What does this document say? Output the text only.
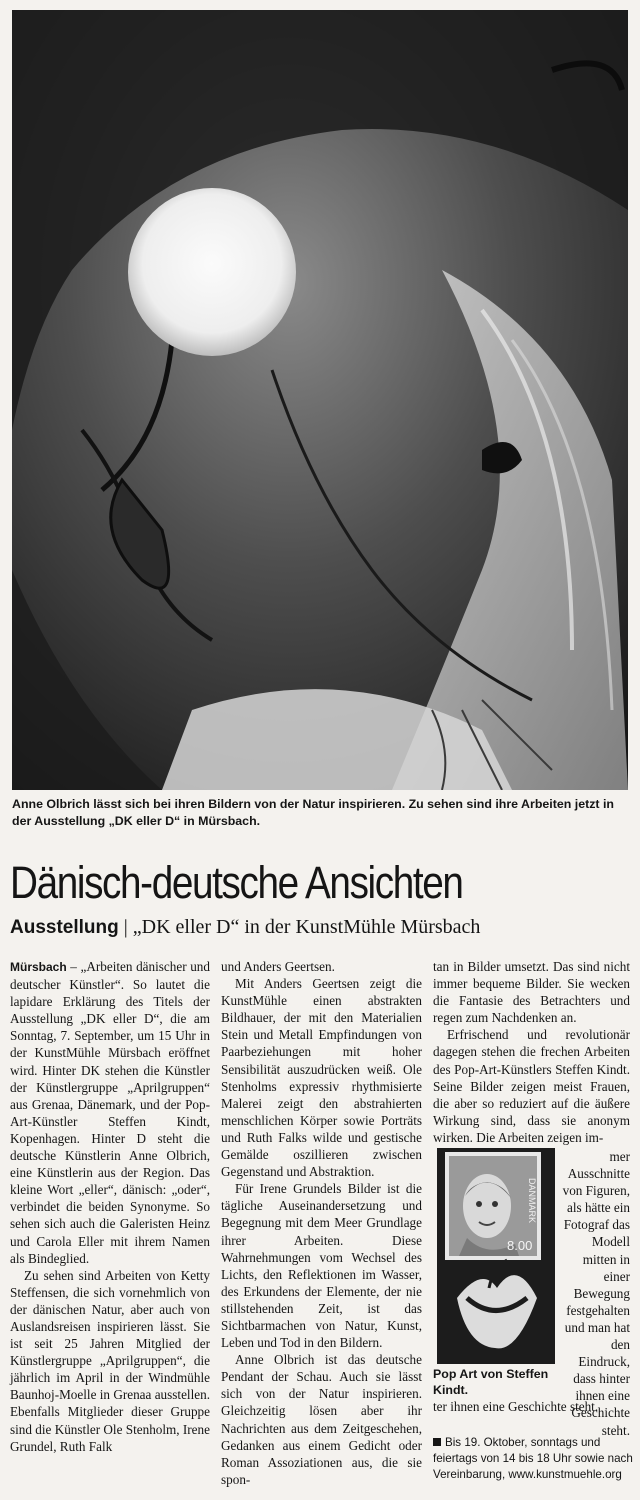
Anne Olbrich lässt sich bei ihren Bildern von der Natur inspirieren. Zu sehen sind ihre Arbeiten jetzt in der Ausstellung „DK eller D“ in Mürsbach.
Dänisch-deutsche Ansichten
Ausstellung | „DK eller D“ in der KunstMühle Mürsbach

Mürsbach – „Arbeiten dänischer und deutscher Künstler“. So lautet die lapidare Erklärung des Titels der Ausstellung „DK eller D“, die am Sonntag, 7. September, um 15 Uhr in der KunstMühle Mürsbach eröffnet wird. Hinter DK stehen die Künstler der Künstlergruppe „Aprilgruppen“ aus Grenaa, Dänemark, und der Pop-Art-Künstler Steffen Kindt, Kopenhagen. Hinter D steht die deutsche Künstlerin Anne Olbrich, eine Künstlerin aus der Region. Das kleine Wort „eller“, dänisch: „oder“, verbindet die beiden Synonyme. So sehen sich auch die Galeristen Heinz und Carola Eller mit ihrem Namen als Bindeglied.

Zu sehen sind Arbeiten von Ketty Steffensen, die sich vornehmlich von der dänischen Natur, aber auch von Auslandsreisen inspirieren lässt. Sie ist seit 25 Jahren Mitglied der Künstlergruppe „Aprilgruppen“, die jährlich im April in der Windmühle Baunhoj-Moelle in Grenaa ausstellen. Ebenfalls Mitglieder dieser Gruppe sind die Künstler Ole Stenholm, Irene Grundel, Ruth Falk

und Anders Geertsen.

Mit Anders Geertsen zeigt die KunstMühle einen abstrakten Bildhauer, der mit den Materialien Stein und Metall Empfindungen von Paarbeziehungen mit hoher Sensibilität auszudrücken weiß. Ole Stenholms expressiv rhythmisierte Malerei zeigt den abstrahierten menschlichen Körper sowie Porträts und Ruth Falks wilde und gestische Gemälde oszillieren zwischen Gegenstand und Abstraktion.

Für Irene Grundels Bilder ist die tägliche Auseinandersetzung und Begegnung mit dem Meer Grundlage ihrer Arbeiten. Diese Wahrnehmungen vom Wechsel des Lichts, den Reflektionen im Wasser, des Erkundens der Elemente, der nie stillstehenden Zeit, ist das Sichtbarmachen von Natur, Kunst, Leben und Tod in den Bildern.

Anne Olbrich ist das deutsche Pendant der Schau. Auch sie lässt sich von der Natur inspirieren. Gleichzeitig lösen aber ihr Nachrichten aus dem Zeitgeschehen, Gedanken aus einem Gedicht oder Roman Assoziationen aus, die sie spon-

tan in Bilder umsetzt. Das sind nicht immer bequeme Bilder. Sie wecken die Fantasie des Betrachters und regen zum Nachdenken an.

Erfrischend und revolutionär dagegen stehen die frechen Arbeiten des Pop-Art-Künstlers Steffen Kindt. Seine Bilder zeigen meist Frauen, die aber so reduziert auf die äußere Wirkung sind, dass sie anonym wirken. Die Arbeiten zeigen im-

DANMARK
8.00
mer Ausschnitte von Figuren, als hätte ein Fotograf das Modell mitten in einer Bewegung festgehalten und man hat den Eindruck, dass hinter ihnen eine Geschichte steht.
Pop Art von Steffen Kindt.
ter ihnen eine Geschichte steht.
Bis 19. Oktober, sonntags und feiertags von 14 bis 18 Uhr sowie nach Vereinbarung, www.kunstmuehle.org
